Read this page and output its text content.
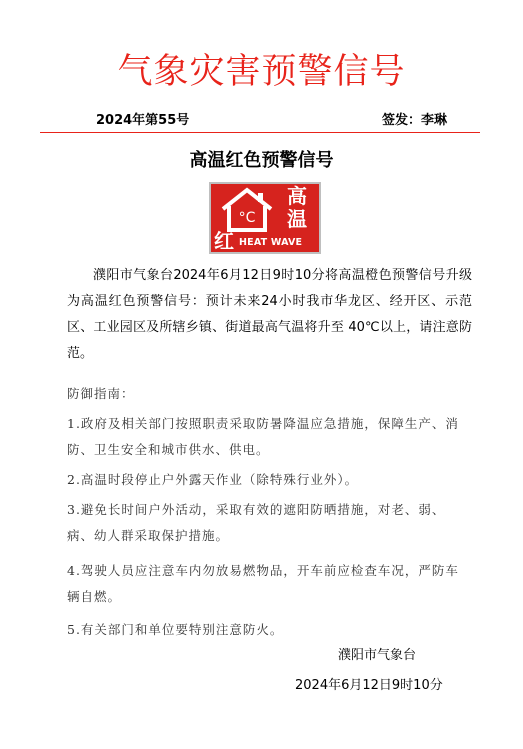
气象灾害预警信号
2024年第55号	签发：李琳
高温红色预警信号
°C
高
温
红 HEAT WAVE

濮阳市气象台2024年6月12日9时10分将高温橙色预警信号升级为高温红色预警信号：预计未来24小时我市华龙区、经开区、示范区、工业园区及所辖乡镇、街道最高气温将升至 40℃以上，请注意防范。

防御指南：

1.政府及相关部门按照职责采取防暑降温应急措施，保障生产、消防、卫生安全和城市供水、供电。

2.高温时段停止户外露天作业（除特殊行业外）。

3.避免长时间户外活动，采取有效的遮阳防晒措施，对老、弱、病、幼人群采取保护措施。

4.驾驶人员应注意车内勿放易燃物品，开车前应检查车况，严防车辆自燃。

5.有关部门和单位要特别注意防火。

濮阳市气象台
2024年6月12日9时10分
